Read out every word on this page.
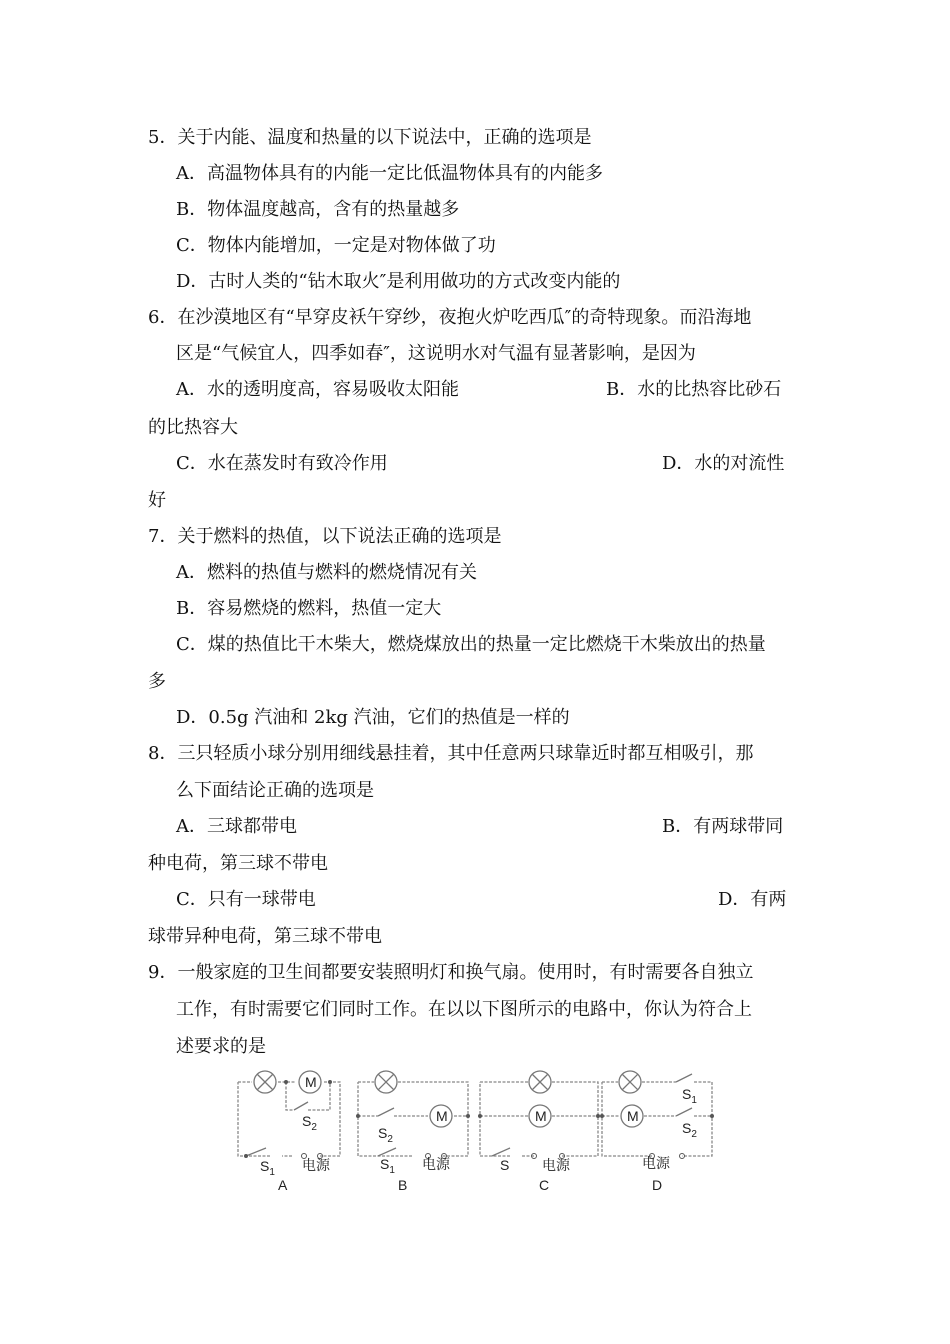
5．关于内能、温度和热量的以下说法中，正确的选项是
A．高温物体具有的内能一定比低温物体具有的内能多
B．物体温度越高，含有的热量越多
C．物体内能增加，一定是对物体做了功
D．古时人类的“钻木取火″是利用做功的方式改变内能的
6．在沙漠地区有“早穿皮袄午穿纱，夜抱火炉吃西瓜″的奇特现象。而沿海地
区是“气候宜人，四季如春″，这说明水对气温有显著影响，是因为
A．水的透明度高，容易吸收太阳能	B．水的比热容比砂石
的比热容大
C．水在蒸发时有致冷作用	D．水的对流性
好
7．关于燃料的热值，以下说法正确的选项是
A．燃料的热值与燃料的燃烧情况有关
B．容易燃烧的燃料，热值一定大
C．煤的热值比干木柴大，燃烧煤放出的热量一定比燃烧干木柴放出的热量
多
D．0.5g 汽油和 2kg 汽油，它们的热值是一样的
8．三只轻质小球分别用细线悬挂着，其中任意两只球靠近时都互相吸引，那
么下面结论正确的选项是
A．三球都带电	B．有两球带同
种电荷，第三球不带电
C．只有一球带电	D．有两
球带异种电荷，第三球不带电
9．一般家庭的卫生间都要安装照明灯和换气扇。使用时，有时需要各自独立
工作，有时需要它们同时工作。在以以下图所示的电路中，你认为符合上
述要求的是
M
$S_2$
$S_1$ 电源
A
M
$S_2$
$S_1$ 电源
B
M
S 电源
C
$S_1$
M
$S_2$
电源
D
